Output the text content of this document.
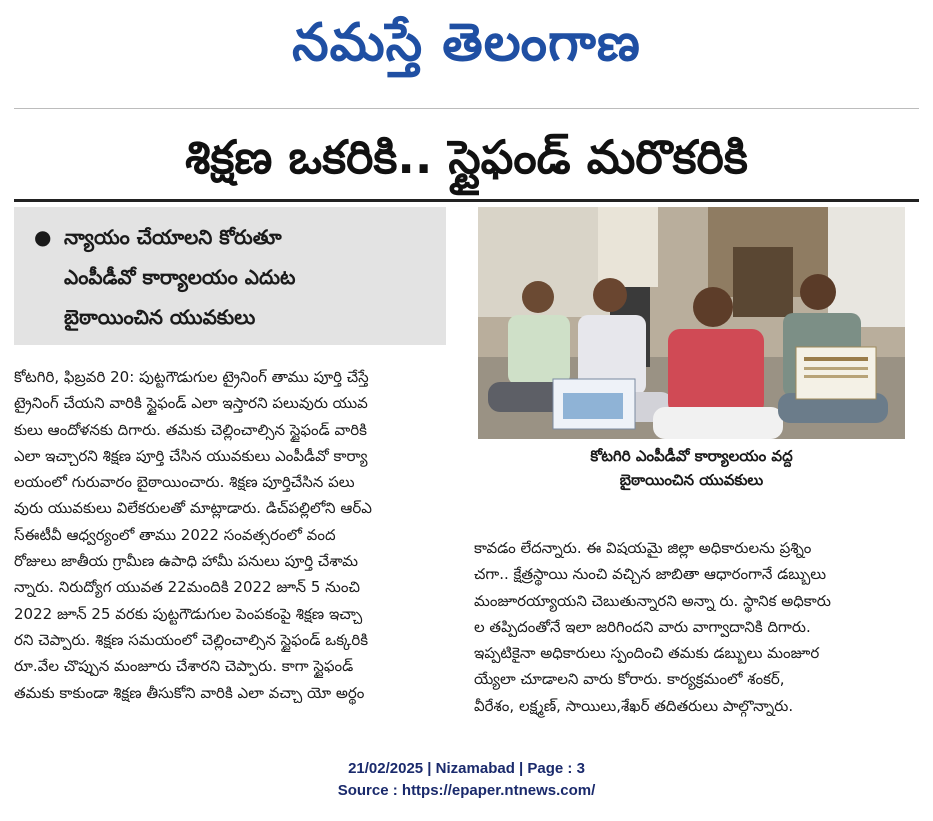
నమస్తే తెలంగాణ
శిక్షణ ఒకరికి.. స్టైఫండ్ మరొకరికి
● న్యాయం చేయాలని కోరుతూ
ఎంపీడీవో కార్యాలయం ఎదుట
బైఠాయించిన యువకులు
కోటగిరి ఎంపీడీవో కార్యాలయం వద్ద
బైఠాయించిన యువకులు
కోటగిరి, ఫిబ్రవరి 20: పుట్టగౌడుగుల ట్రైనింగ్ తాము పూర్తి చేస్తే
ట్రైనింగ్ చేయని వారికి స్టైఫండ్ ఎలా ఇస్తారని పలువురు యువ
కులు ఆందోళనకు దిగారు. తమకు చెల్లించాల్సిన స్టైఫండ్ వారికి
ఎలా ఇచ్చారని శిక్షణ పూర్తి చేసిన యువకులు ఎంపీడీవో కార్యా
లయంలో గురువారం బైఠాయించారు. శిక్షణ పూర్తిచేసిన పలు
వురు యువకులు విలేకరులతో మాట్లాడారు. డిచ్‌పల్లిలోని ఆర్‌ఎ
స్‌ఈటీవీ ఆధ్వర్యంలో తాము 2022 సంవత్సరంలో వంద
రోజులు జాతీయ గ్రామీణ ఉపాధి హామీ పనులు పూర్తి చేశామ
న్నారు. నిరుద్యోగ యువత 22మందికి 2022 జూన్ 5 నుంచి
2022 జూన్ 25 వరకు పుట్టగౌడుగుల పెంపకంపై శిక్షణ ఇచ్చా
రని చెప్పారు. శిక్షణ సమయంలో చెల్లించాల్సిన స్టైఫండ్ ఒక్కరికి
రూ.వేల చొప్పున మంజూరు చేశారని చెప్పారు. కాగా స్టైఫండ్
తమకు కాకుండా శిక్షణ తీసుకోని వారికి ఎలా వచ్చా యో అర్థం
కావడం లేదన్నారు. ఈ విషయమై జిల్లా అధికారులను ప్రశ్నిం
చగా.. క్షేత్రస్థాయి నుంచి వచ్చిన జాబితా ఆధారంగానే డబ్బులు
మంజూరయ్యాయని చెబుతున్నారని అన్నా రు. స్థానిక అధికారు
ల తప్పిదంతోనే ఇలా జరిగిందని వారు వాగ్వాదానికి దిగారు.
ఇప్పటికైనా అధికారులు స్పందించి తమకు డబ్బులు మంజూర
య్యేలా చూడాలని వారు కోరారు. కార్యక్రమంలో శంకర్,
వీరేశం, లక్ష్మణ్, సాయిలు,శేఖర్ తదితరులు పాల్గొన్నారు.
21/02/2025 | Nizamabad | Page : 3
Source : https://epaper.ntnews.com/
